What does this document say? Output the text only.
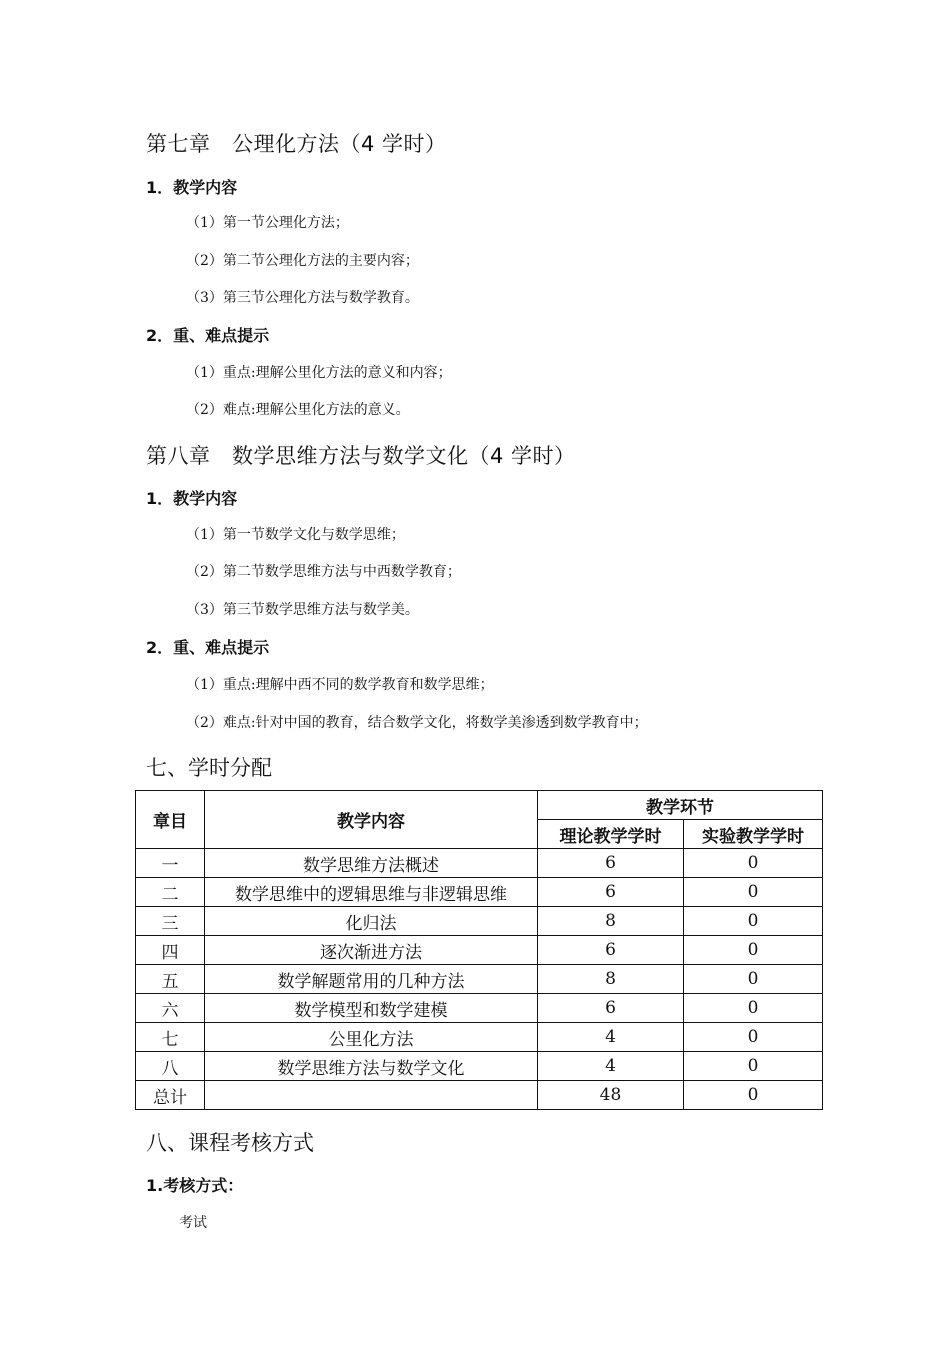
第七章　公理化方法（4 学时）
1．教学内容
（1）第一节公理化方法；
（2）第二节公理化方法的主要内容；
（3）第三节公理化方法与数学教育。
2．重、难点提示
（1）重点:理解公里化方法的意义和内容；
（2）难点:理解公里化方法的意义。
第八章　数学思维方法与数学文化（4 学时）
1．教学内容
（1）第一节数学文化与数学思维；
（2）第二节数学思维方法与中西数学教育；
（3）第三节数学思维方法与数学美。
2．重、难点提示
（1）重点:理解中西不同的数学教育和数学思维；
（2）难点:针对中国的教育，结合数学文化，将数学美渗透到数学教育中；
七、学时分配
章目	教学内容	教学环节	
		理论教学学时	实验教学学时
一	数学思维方法概述	6	0
二	数学思维中的逻辑思维与非逻辑思维	6	0
三	化归法	8	0
四	逐次渐进方法	6	0
五	数学解题常用的几种方法	8	0
六	数学模型和数学建模	6	0
七	公里化方法	4	0
八	数学思维方法与数学文化	4	0
总计		48	0
八、课程考核方式
1.考核方式：
考试
